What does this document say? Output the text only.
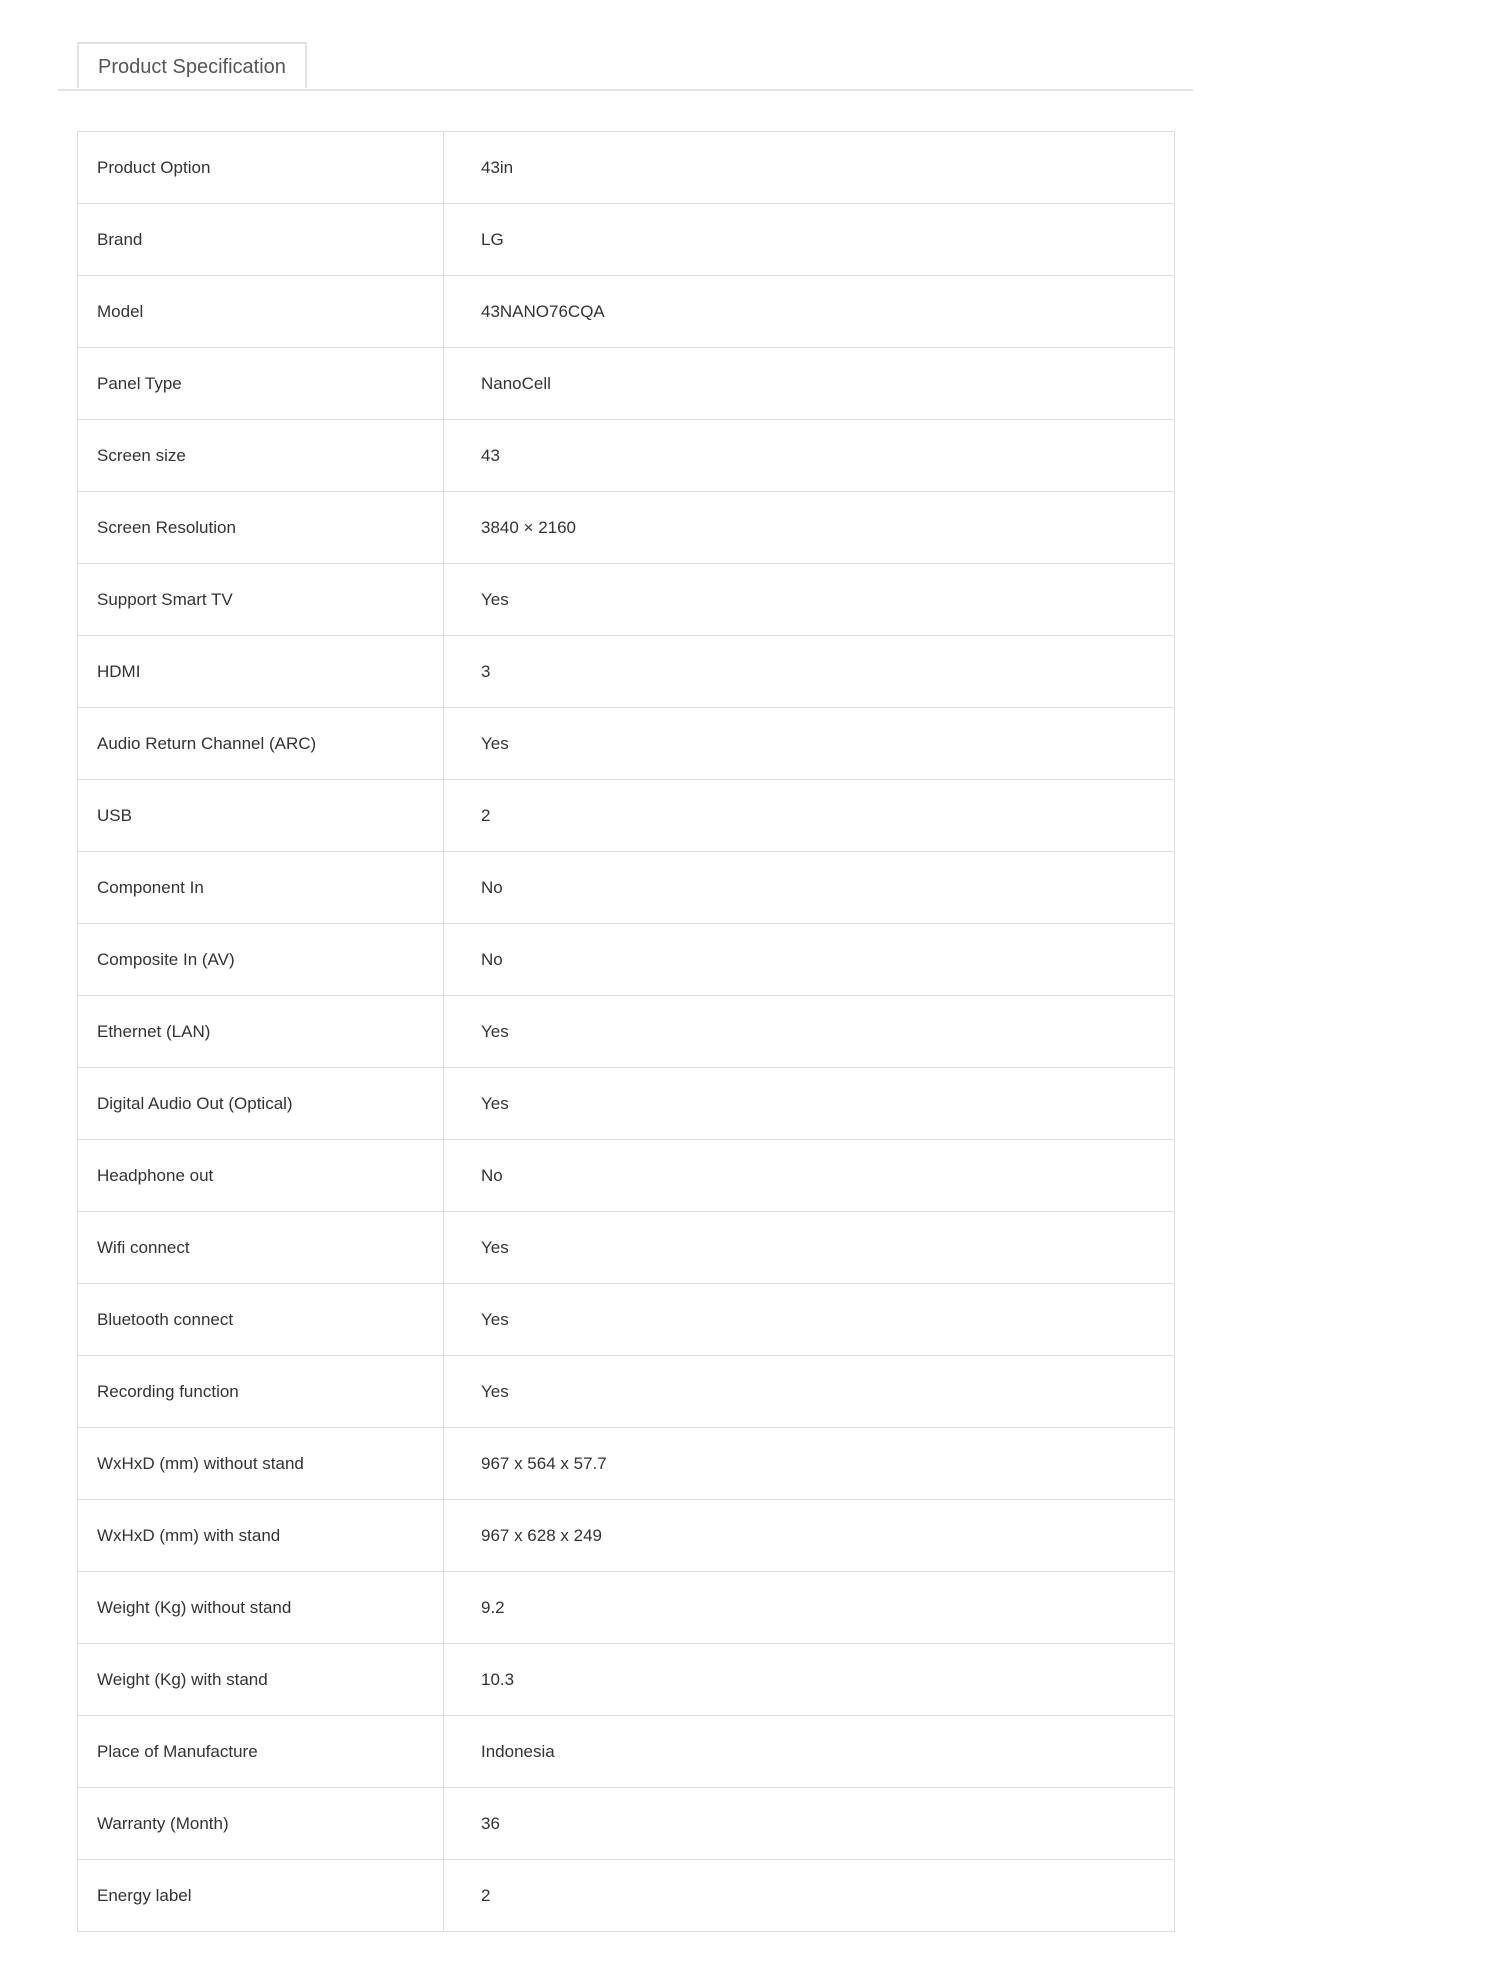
Product Specification
Product Option	43in
Brand	LG
Model	43NANO76CQA
Panel Type	NanoCell
Screen size	43
Screen Resolution	3840 × 2160
Support Smart TV	Yes
HDMI	3
Audio Return Channel (ARC)	Yes
USB	2
Component In	No
Composite In (AV)	No
Ethernet (LAN)	Yes
Digital Audio Out (Optical)	Yes
Headphone out	No
Wifi connect	Yes
Bluetooth connect	Yes
Recording function	Yes
WxHxD (mm) without stand	967 x 564 x 57.7
WxHxD (mm) with stand	967 x 628 x 249
Weight (Kg) without stand	9.2
Weight (Kg) with stand	10.3
Place of Manufacture	Indonesia
Warranty (Month)	36
Energy label	2
